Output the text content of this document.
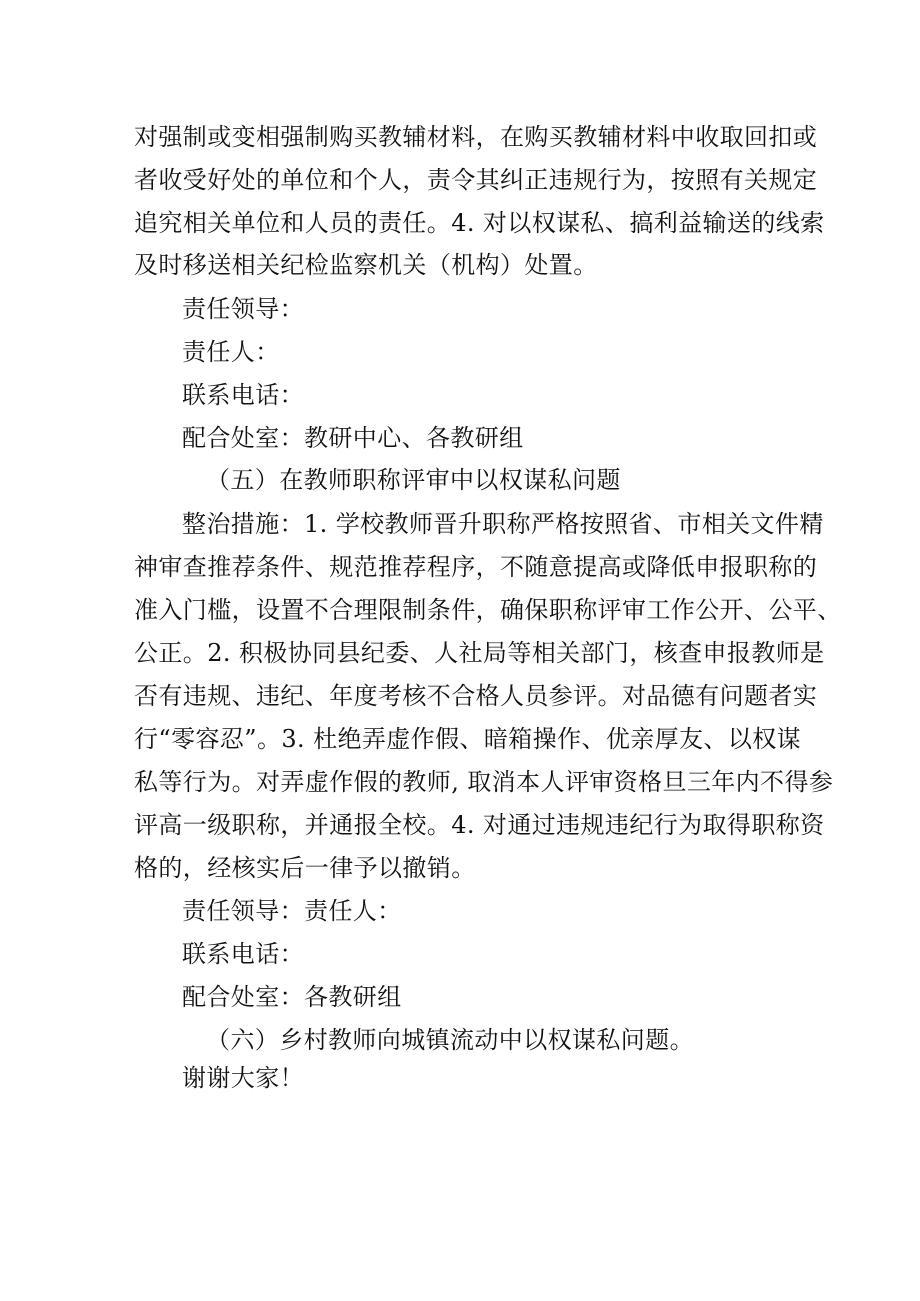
对强制或变相强制购买教辅材料，在购买教辅材料中收取回扣或
者收受好处的单位和个人，责令其纠正违规行为，按照有关规定
追究相关单位和人员的责任。4. 对以权谋私、搞利益输送的线索
及时移送相关纪检监察机关（机构）处置。
责任领导：
责任人：
联系电话：
配合处室：教研中心、各教研组
（五）在教师职称评审中以权谋私问题
整治措施：1. 学校教师晋升职称严格按照省、市相关文件精
神审查推荐条件、规范推荐程序，不随意提高或降低申报职称的
准入门槛，设置不合理限制条件，确保职称评审工作公开、公平、
公正。2. 积极协同县纪委、人社局等相关部门，核查申报教师是
否有违规、违纪、年度考核不合格人员参评。对品德有问题者实
行“零容忍”。3. 杜绝弄虚作假、暗箱操作、优亲厚友、以权谋
私等行为。对弄虚作假的教师, 取消本人评审资格旦三年内不得参
评高一级职称，并通报全校。4. 对通过违规违纪行为取得职称资
格的，经核实后一律予以撤销。
责任领导：责任人：
联系电话：
配合处室：各教研组
（六）乡村教师向城镇流动中以权谋私问题。
谢谢大家！
